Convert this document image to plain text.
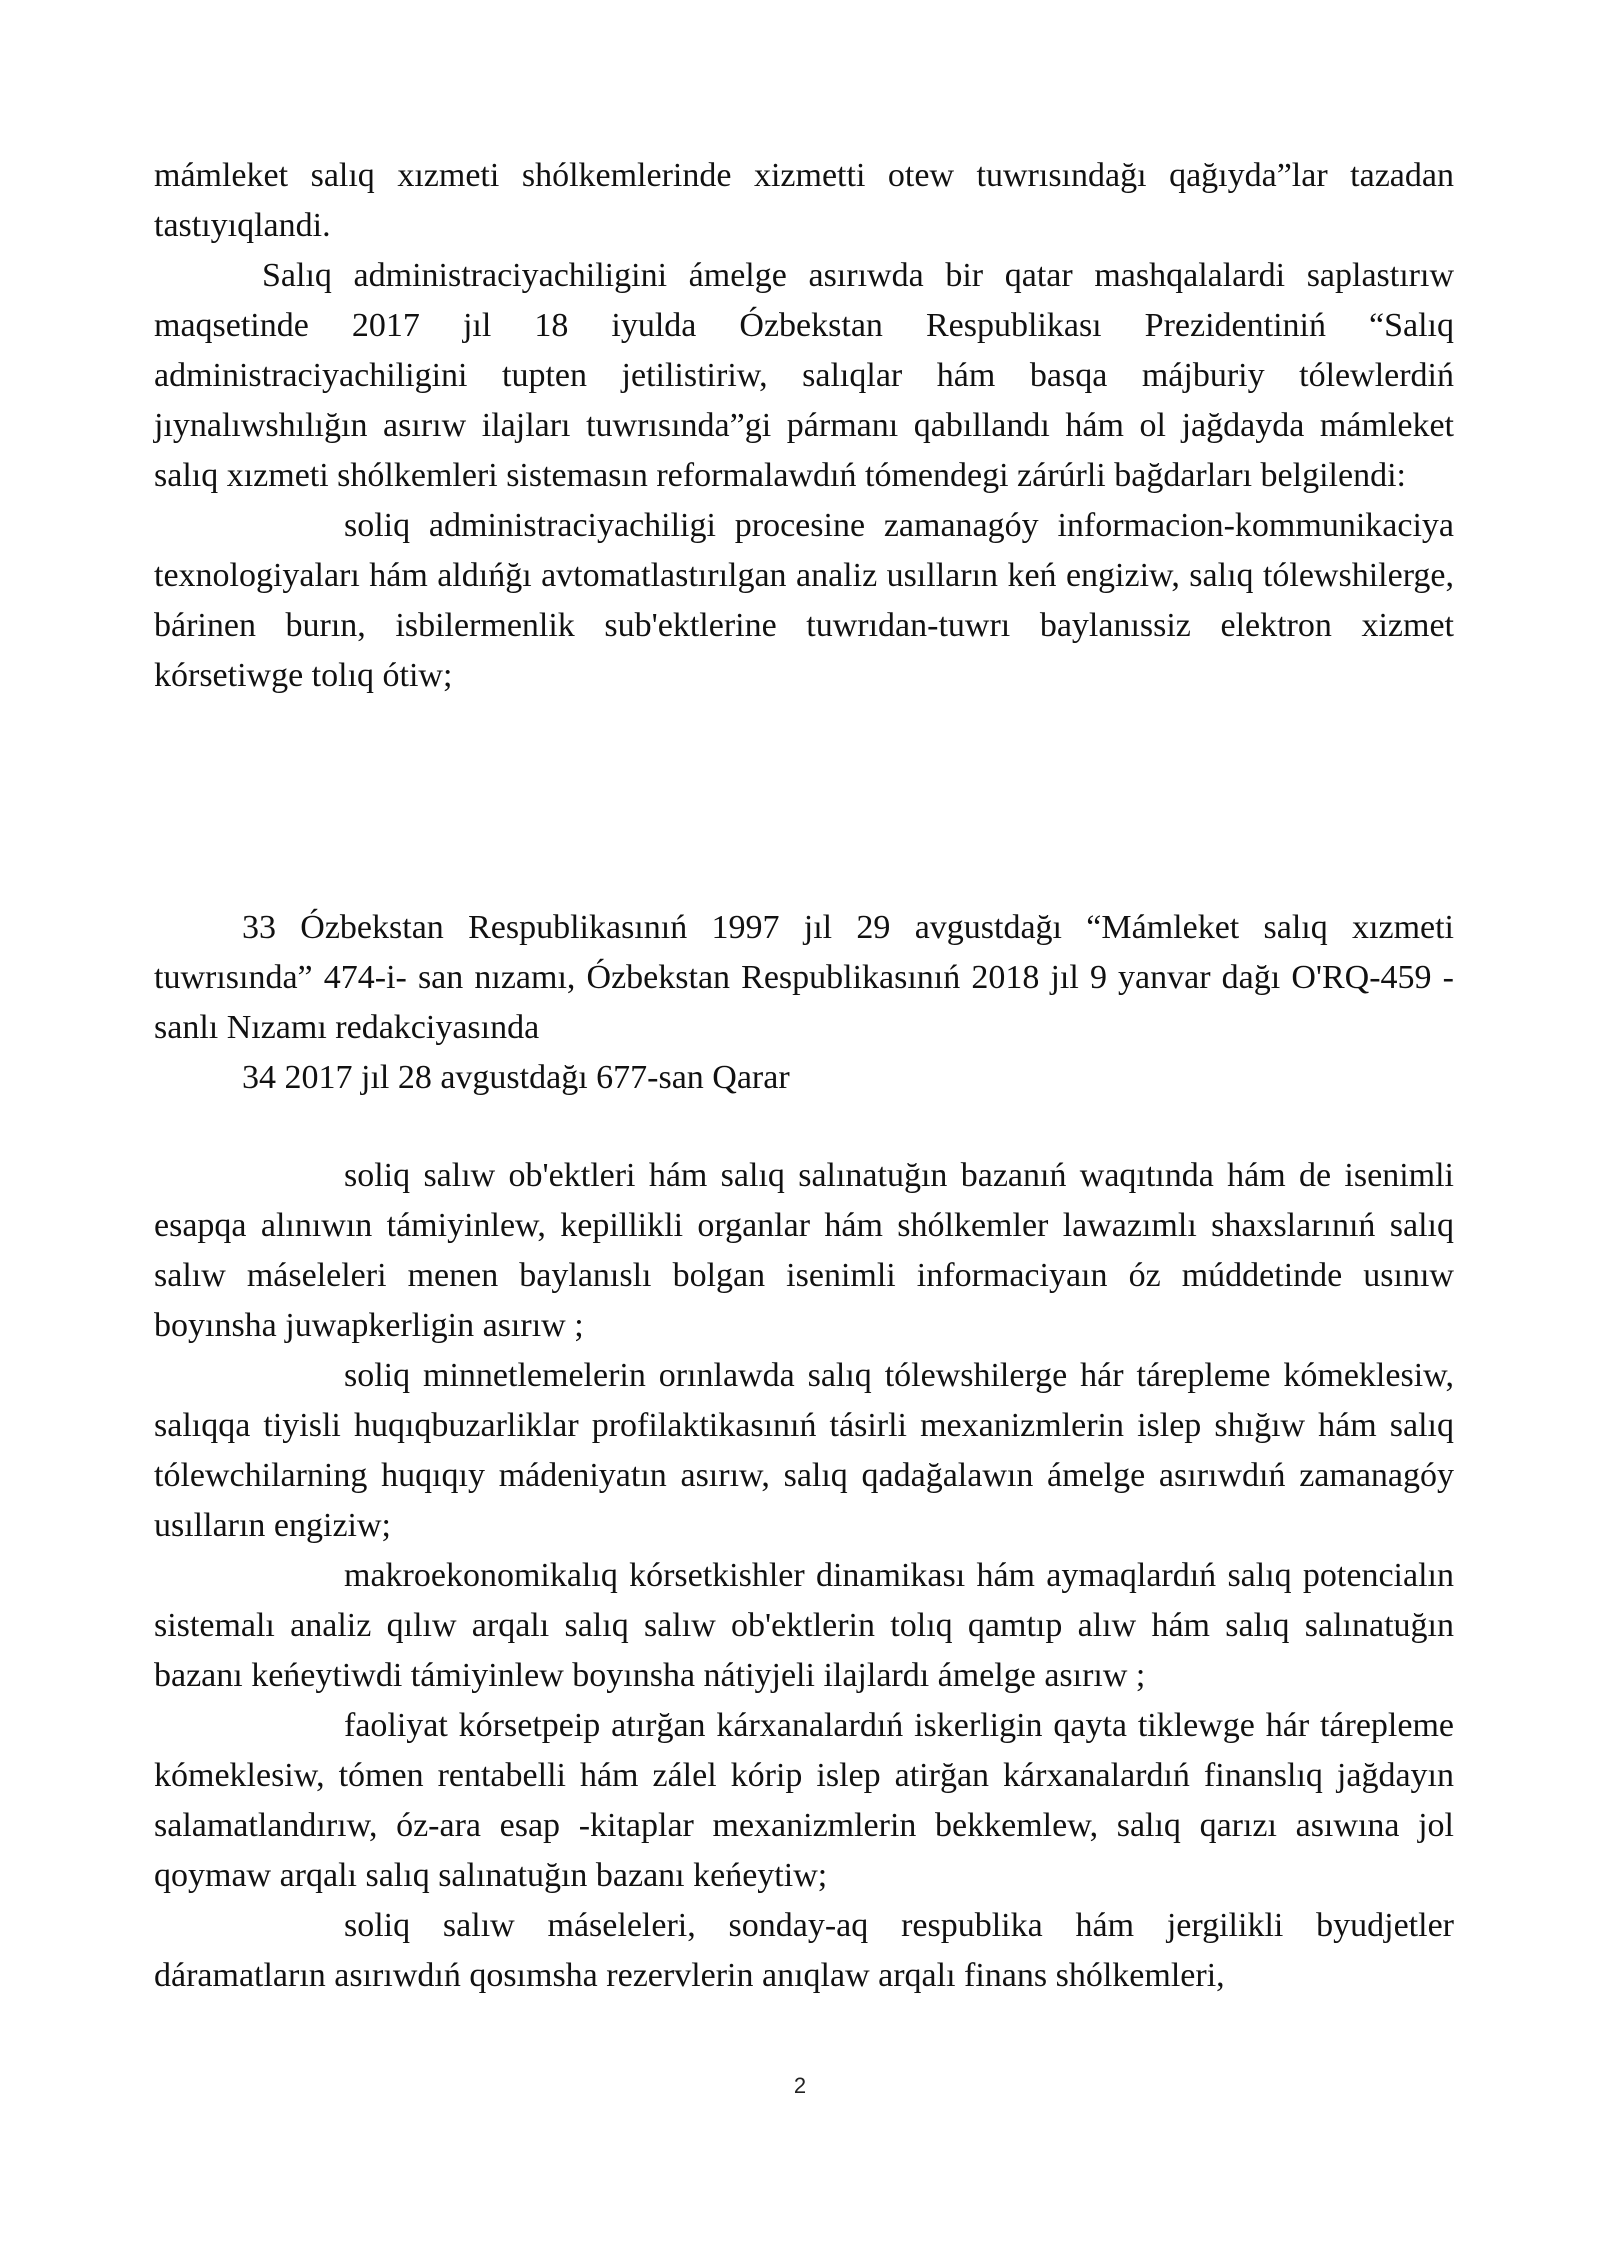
mámleket salıq xızmeti shólkemlerinde xizmetti otew tuwrısındağı qağıyda”lar tazadan tastıyıqlandi.

Salıq administraciyachiligini ámelge asırıwda bir qatar mashqalalardi saplastırıw maqsetinde 2017 jıl 18 iyulda Ózbekstan Respublikası Prezidentiniń “Salıq administraciyachiligini tupten jetilistiriw, salıqlar hám basqa májburiy tólewlerdiń jıynalıwshılığın asırıw ilajları tuwrısında”gi pármanı qabıllandı hám ol jağdayda mámleket salıq xızmeti shólkemleri sistemasın reformalawdıń tómendegi zárúrli bağdarları belgilendi:

soliq administraciyachiligi procesine zamanagóy informacion-kommunikaciya texnologiyaları hám aldıńğı avtomatlastırılgan analiz usılların keń engiziw, salıq tólewshilerge, bárinen burın, isbilermenlik sub'ektlerine tuwrıdan-tuwrı baylanıssiz elektron xizmet kórsetiwge tolıq ótiw;

33 Ózbekstan Respublikasınıń 1997 jıl 29 avgustdağı “Mámleket salıq xızmeti tuwrısında” 474-i- san nızamı, Ózbekstan Respublikasınıń 2018 jıl 9 yanvar dağı O'RQ-459 - sanlı Nızamı redakciyasında

34 2017 jıl 28 avgustdağı 677-san Qarar

soliq salıw ob'ektleri hám salıq salınatuğın bazanıń waqıtında hám de isenimli esapqa alınıwın támiyinlew, kepillikli organlar hám shólkemler lawazımlı shaxslarınıń salıq salıw máseleleri menen baylanıslı bolgan isenimli informaciyaın óz múddetinde usınıw boyınsha juwapkerligin asırıw ;

soliq minnetlemelerin orınlawda salıq tólewshilerge hár tárepleme kómeklesiw, salıqqa tiyisli huqıqbuzarliklar profilaktikasınıń tásirli mexanizmlerin islep shığıw hám salıq tólewchilarning huqıqıy mádeniyatın asırıw, salıq qadağalawın ámelge asırıwdıń zamanagóy usılların engiziw;

makroekonomikalıq kórsetkishler dinamikası hám aymaqlardıń salıq potencialın sistemalı analiz qılıw arqalı salıq salıw ob'ektlerin tolıq qamtıp alıw hám salıq salınatuğın bazanı keńeytiwdi támiyinlew boyınsha nátiyjeli ilajlardı ámelge asırıw ;

faoliyat kórsetpeip atırğan kárxanalardıń iskerligin qayta tiklewge hár tárepleme kómeklesiw, tómen rentabelli hám zálel kórip islep atirğan kárxanalardıń finanslıq jağdayın salamatlandırıw, óz-ara esap -kitaplar mexanizmlerin bekkemlew, salıq qarızı asıwına jol qoymaw arqalı salıq salınatuğın bazanı keńeytiw;

soliq salıw máseleleri, sonday-aq respublika hám jergilikli byudjetler dáramatların asırıwdıń qosımsha rezervlerin anıqlaw arqalı finans shólkemleri,

2
